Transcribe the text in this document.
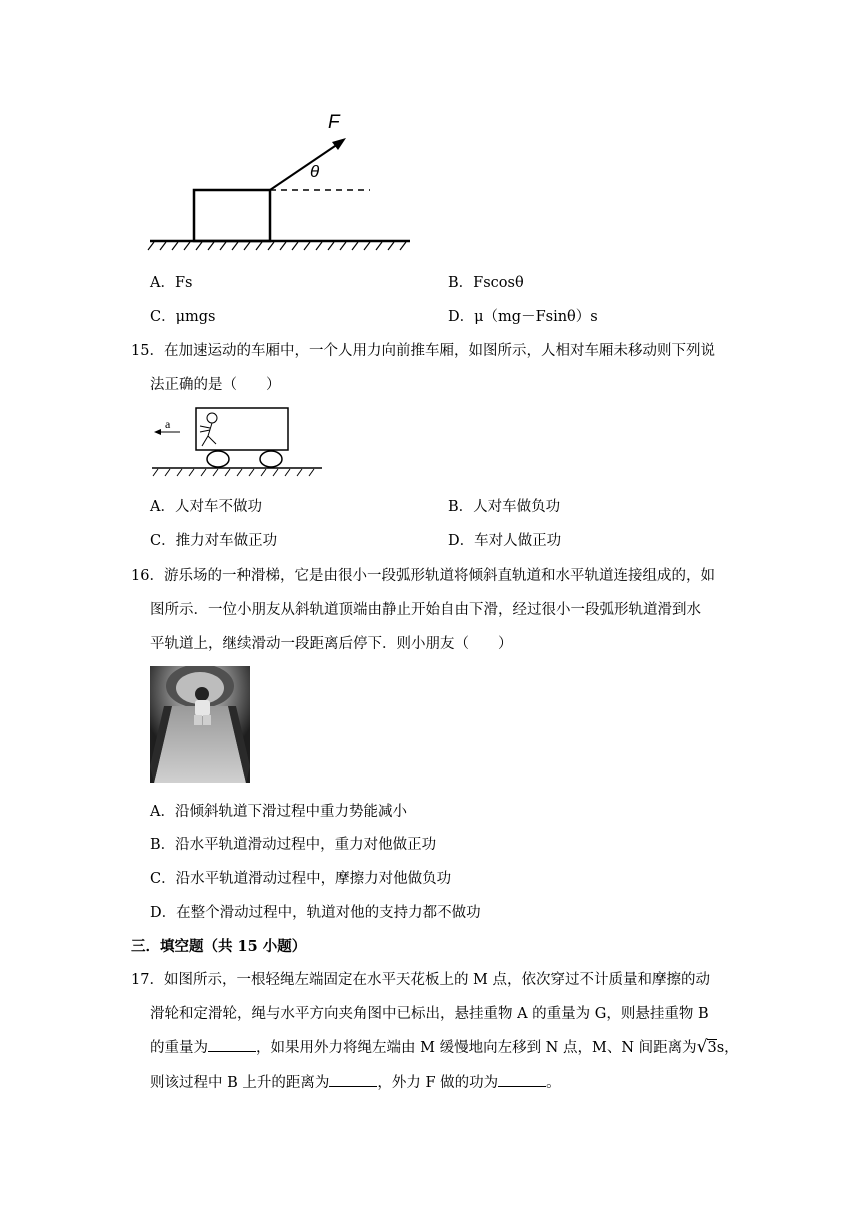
F
θ
A．Fs	B．Fscosθ
C．μmgs	D．μ（mg－Fsinθ）s
15．在加速运动的车厢中，一个人用力向前推车厢，如图所示，人相对车厢未移动则下列说
法正确的是（　　）
a
A．人对车不做功	B．人对车做负功
C．推力对车做正功	D．车对人做正功
16．游乐场的一种滑梯，它是由很小一段弧形轨道将倾斜直轨道和水平轨道连接组成的，如
图所示．一位小朋友从斜轨道顶端由静止开始自由下滑，经过很小一段弧形轨道滑到水
平轨道上，继续滑动一段距离后停下．则小朋友（　　）
A．沿倾斜轨道下滑过程中重力势能减小
B．沿水平轨道滑动过程中，重力对他做正功
C．沿水平轨道滑动过程中，摩擦力对他做负功
D．在整个滑动过程中，轨道对他的支持力都不做功
三．填空题（共 15 小题）
17．如图所示，一根轻绳左端固定在水平天花板上的 M 点，依次穿过不计质量和摩擦的动
滑轮和定滑轮，绳与水平方向夹角图中已标出，悬挂重物 A 的重量为 G，则悬挂重物 B
的重量为	，如果用外力将绳左端由 M 缓慢地向左移到 N 点，M、N 间距离为√3s，
则该过程中 B 上升的距离为	，外力 F 做的功为	。
